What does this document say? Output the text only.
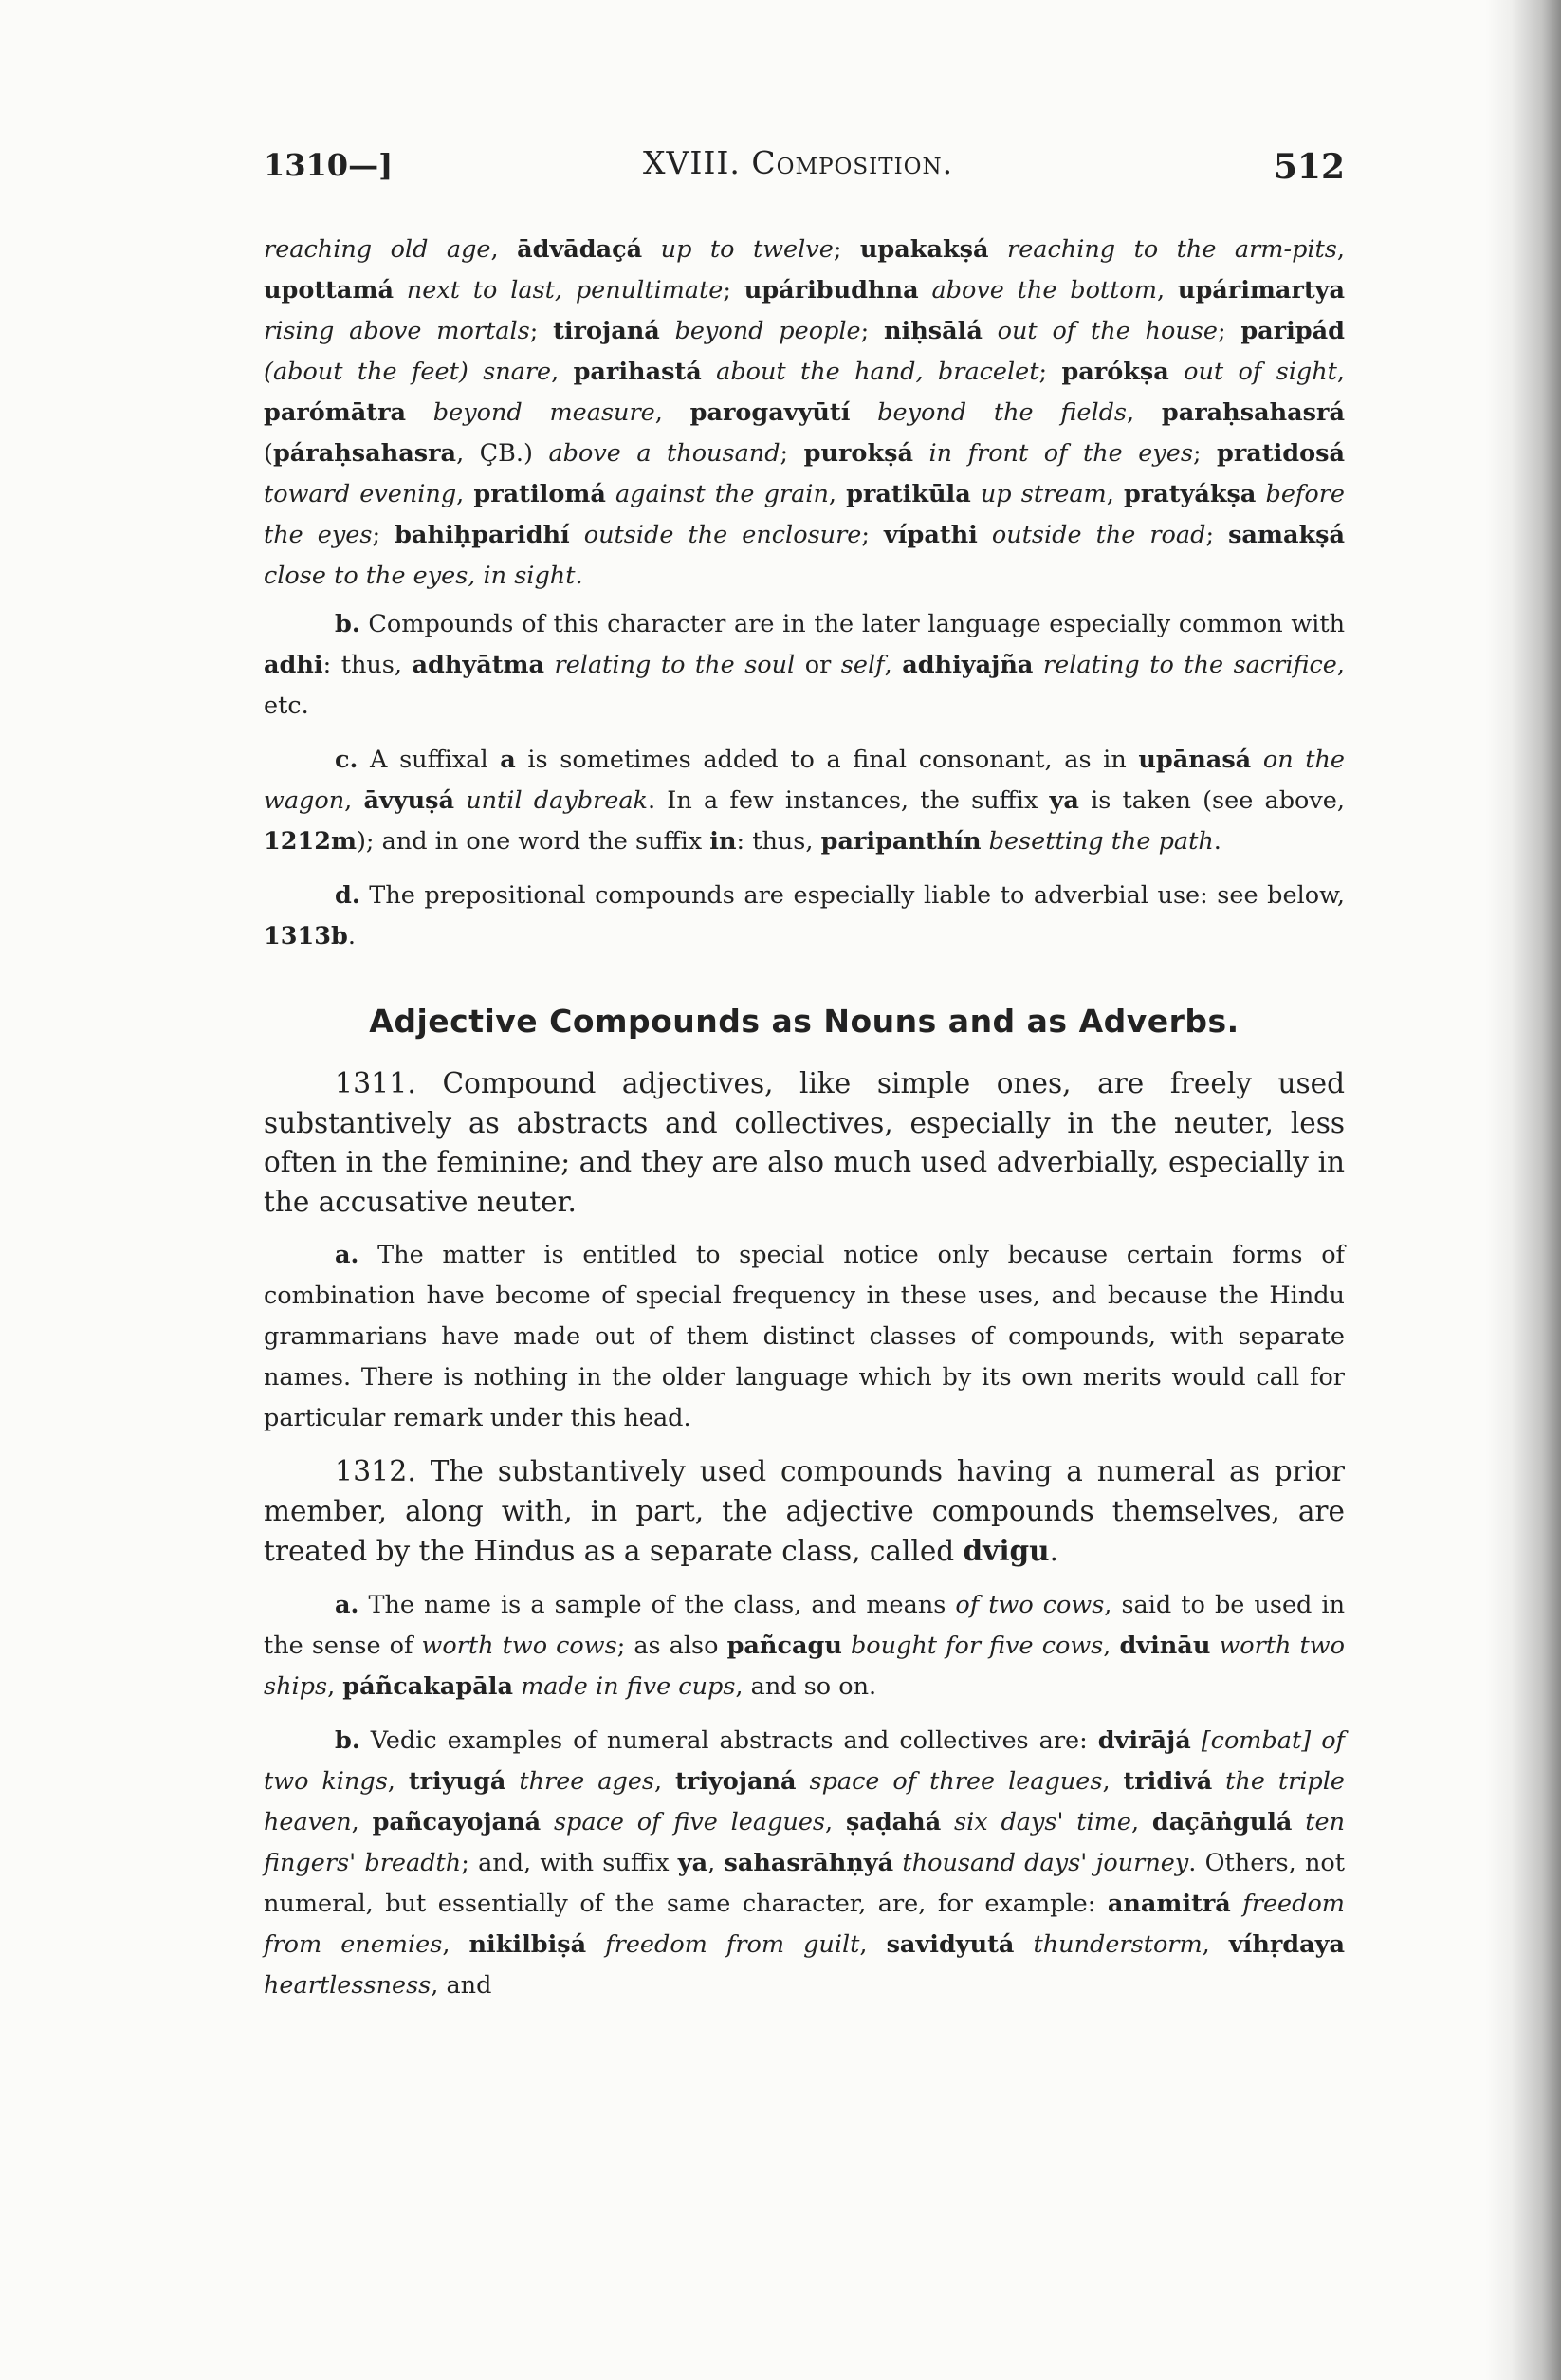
1310—]	XVIII. Composition.	512

reaching old age, ādvādaçá up to twelve; upakakṣá reaching to the arm-pits, upottamá next to last, penultimate; upáribudhna above the bottom, upárimartya rising above mortals; tirojaná beyond people; niḥsālá out of the house; paripád (about the feet) snare, parihastá about the hand, bracelet; parókṣa out of sight, parómātra beyond measure, parogavyūtí beyond the fields, paraḥsahasrá (páraḥsahasra, ÇB.) above a thousand; purokṣá in front of the eyes; pratidosá toward evening, pratilomá against the grain, pratikūla up stream, pratyákṣa before the eyes; bahiḥparidhí outside the enclosure; vípathi outside the road; samakṣá close to the eyes, in sight.

b. Compounds of this character are in the later language especially common with adhi: thus, adhyātma relating to the soul or self, adhiyajña relating to the sacrifice, etc.

c. A suffixal a is sometimes added to a final consonant, as in upānasá on the wagon, āvyuṣá until daybreak. In a few instances, the suffix ya is taken (see above, 1212m); and in one word the suffix in: thus, paripanthín besetting the path.

d. The prepositional compounds are especially liable to adverbial use: see below, 1313b.

Adjective Compounds as Nouns and as Adverbs.

1311. Compound adjectives, like simple ones, are freely used substantively as abstracts and collectives, especially in the neuter, less often in the feminine; and they are also much used adverbially, especially in the accusative neuter.

a. The matter is entitled to special notice only because certain forms of combination have become of special frequency in these uses, and because the Hindu grammarians have made out of them distinct classes of compounds, with separate names. There is nothing in the older language which by its own merits would call for particular remark under this head.

1312. The substantively used compounds having a numeral as prior member, along with, in part, the adjective compounds themselves, are treated by the Hindus as a separate class, called dvigu.

a. The name is a sample of the class, and means of two cows, said to be used in the sense of worth two cows; as also pañcagu bought for five cows, dvināu worth two ships, páñcakapāla made in five cups, and so on.

b. Vedic examples of numeral abstracts and collectives are: dvirājá [combat] of two kings, triyugá three ages, triyojaná space of three leagues, tridivá the triple heaven, pañcayojaná space of five leagues, ṣaḍahá six days' time, daçāṅgulá ten fingers' breadth; and, with suffix ya, sahasrāhṇyá thousand days' journey. Others, not numeral, but essentially of the same character, are, for example: anamitrá freedom from enemies, nikilbiṣá freedom from guilt, savidyutá thunderstorm, víhṛdaya heartlessness, and
